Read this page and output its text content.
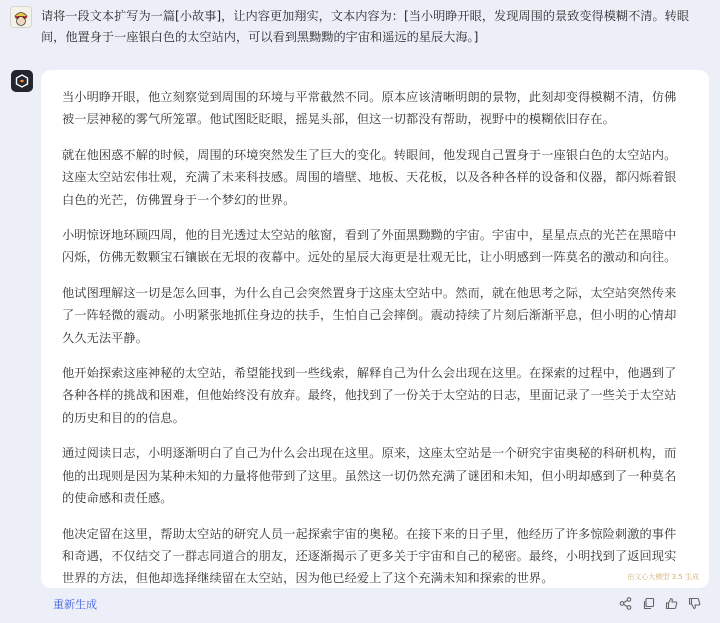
请将一段文本扩写为一篇[小故事]，让内容更加翔实，文本内容为：[当小明睁开眼，发现周围的景致变得模糊不清。转眼间，他置身于一座银白色的太空站内，可以看到黑黝黝的宇宙和遥远的星辰大海。]

当小明睁开眼，他立刻察觉到周围的环境与平常截然不同。原本应该清晰明朗的景物，此刻却变得模糊不清，仿佛被一层神秘的雾气所笼罩。他试图眨眨眼，摇晃头部，但这一切都没有帮助，视野中的模糊依旧存在。

就在他困惑不解的时候，周围的环境突然发生了巨大的变化。转眼间，他发现自己置身于一座银白色的太空站内。这座太空站宏伟壮观，充满了未来科技感。周围的墙壁、地板、天花板，以及各种各样的设备和仪器，都闪烁着银白色的光芒，仿佛置身于一个梦幻的世界。

小明惊讶地环顾四周，他的目光透过太空站的舷窗，看到了外面黑黝黝的宇宙。宇宙中，星星点点的光芒在黑暗中闪烁，仿佛无数颗宝石镶嵌在无垠的夜幕中。远处的星辰大海更是壮观无比，让小明感到一阵莫名的激动和向往。

他试图理解这一切是怎么回事，为什么自己会突然置身于这座太空站中。然而，就在他思考之际，太空站突然传来了一阵轻微的震动。小明紧张地抓住身边的扶手，生怕自己会摔倒。震动持续了片刻后渐渐平息，但小明的心情却久久无法平静。

他开始探索这座神秘的太空站，希望能找到一些线索，解释自己为什么会出现在这里。在探索的过程中，他遇到了各种各样的挑战和困难，但他始终没有放弃。最终，他找到了一份关于太空站的日志，里面记录了一些关于太空站的历史和目的的信息。

通过阅读日志，小明逐渐明白了自己为什么会出现在这里。原来，这座太空站是一个研究宇宙奥秘的科研机构，而他的出现则是因为某种未知的力量将他带到了这里。虽然这一切仍然充满了谜团和未知，但小明却感到了一种莫名的使命感和责任感。

他决定留在这里，帮助太空站的研究人员一起探索宇宙的奥秘。在接下来的日子里，他经历了许多惊险刺激的事件和奇遇，不仅结交了一群志同道合的朋友，还逐渐揭示了更多关于宇宙和自己的秘密。最终，小明找到了返回现实世界的方法，但他却选择继续留在太空站，因为他已经爱上了这个充满未知和探索的世界。	由文心大模型 3.5 生成
重新生成
